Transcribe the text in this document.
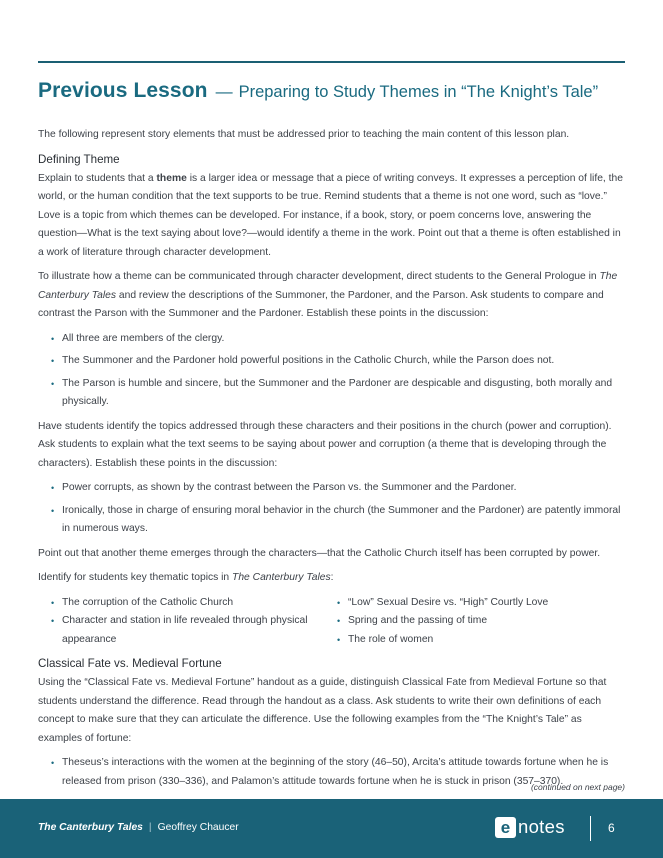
Previous Lesson — Preparing to Study Themes in “The Knight’s Tale”

The following represent story elements that must be addressed prior to teaching the main content of this lesson plan.

Defining Theme

Explain to students that a theme is a larger idea or message that a piece of writing conveys. It expresses a perception of life, the world, or the human condition that the text supports to be true. Remind students that a theme is not one word, such as “love.” Love is a topic from which themes can be developed. For instance, if a book, story, or poem concerns love, answering the question—What is the text saying about love?—would identify a theme in the work. Point out that a theme is often established in a work of literature through character development.

To illustrate how a theme can be communicated through character development, direct students to the General Prologue in The Canterbury Tales and review the descriptions of the Summoner, the Pardoner, and the Parson. Ask students to compare and contrast the Parson with the Summoner and the Pardoner. Establish these points in the discussion:

• All three are members of the clergy.
• The Summoner and the Pardoner hold powerful positions in the Catholic Church, while the Parson does not.
• The Parson is humble and sincere, but the Summoner and the Pardoner are despicable and disgusting, both morally and physically.

Have students identify the topics addressed through these characters and their positions in the church (power and corruption). Ask students to explain what the text seems to be saying about power and corruption (a theme that is developing through the characters). Establish these points in the discussion:

• Power corrupts, as shown by the contrast between the Parson vs. the Summoner and the Pardoner.
• Ironically, those in charge of ensuring moral behavior in the church (the Summoner and the Pardoner) are patently immoral in numerous ways.

Point out that another theme emerges through the characters—that the Catholic Church itself has been corrupted by power.

Identify for students key thematic topics in The Canterbury Tales:

• The corruption of the Catholic Church
• Character and station in life revealed through physical appearance
• “Low” Sexual Desire vs. “High” Courtly Love
• Spring and the passing of time
• The role of women
Classical Fate vs. Medieval Fortune

Using the “Classical Fate vs. Medieval Fortune” handout as a guide, distinguish Classical Fate from Medieval Fortune so that students understand the difference. Read through the handout as a class. Ask students to write their own definitions of each concept to make sure that they can articulate the difference. Use the following examples from the “The Knight’s Tale” as examples of fortune:

• Theseus’s interactions with the women at the beginning of the story (46–50), Arcita’s attitude towards fortune when he is released from prison (330–336), and Palamon’s attitude towards fortune when he is stuck in prison (357–370).
(continued on next page)
The Canterbury Tales | Geoffrey Chaucer	e notes	6
